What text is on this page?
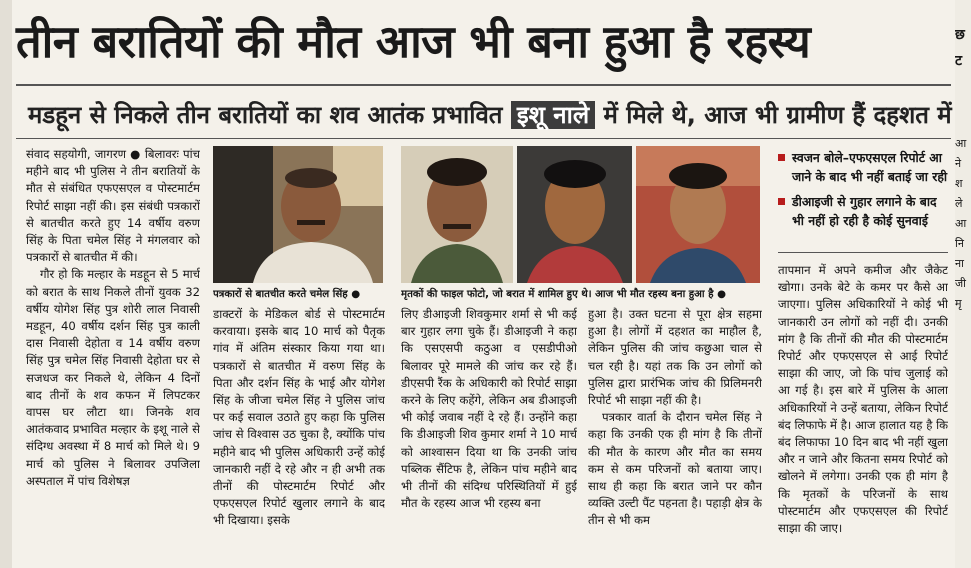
तीन बरातियों की मौत आज भी बना हुआ है रहस्य
मडहून से निकले तीन बरातियों का शव आतंक प्रभावित इशू नाले में मिले थे, आज भी ग्रामीण हैं दहशत में

संवाद सहयोगी, जागरण ● बिलावरः पांच महीने बाद भी पुलिस ने तीन बरातियों के मौत से संबंधित एफएसएल व पोस्टमार्टम रिपोर्ट साझा नहीं की। इस संबंधी पत्रकारों से बातचीत करते हुए 14 वर्षीय वरुण सिंह के पिता चमेल सिंह ने मंगलवार को पत्रकारों से बातचीत में की।

गौर हो कि मल्हार के मडहून से 5 मार्च को बरात के साथ निकले तीनों युवक 32 वर्षीय योगेश सिंह पुत्र शोरी लाल निवासी मडहून, 40 वर्षीय दर्शन सिंह पुत्र काली दास निवासी देहोता व 14 वर्षीय वरुण सिंह पुत्र चमेल सिंह निवासी देहोता घर से सजधज कर निकले थे, लेकिन 4 दिनों बाद तीनों के शव कफन में लिपटकर वापस घर लौटा था। जिनके शव आतंकवाद प्रभावित मल्हार के इशू नाले से संदिग्ध अवस्था में 8 मार्च को मिले थे। 9 मार्च को पुलिस ने बिलावर उपजिला अस्पताल में पांच विशेषज्ञ

पत्रकारों से बातचीत करते चमेल सिंह ●

डाक्टरों के मेडिकल बोर्ड से पोस्टमार्टम करवाया। इसके बाद 10 मार्च को पैतृक गांव में अंतिम संस्कार किया गया था। पत्रकारों से बातचीत में वरुण सिंह के पिता और दर्शन सिंह के भाई और योगेश सिंह के जीजा चमेल सिंह ने पुलिस जांच पर कई सवाल उठाते हुए कहा कि पुलिस जांच से विश्वास उठ चुका है, क्योंकि पांच महीने बाद भी पुलिस अधिकारी उन्हें कोई जानकारी नहीं दे रहे और न ही अभी तक तीनों की पोस्टमार्टम रिपोर्ट और एफएसएल रिपोर्ट खुलार लगाने के बाद भी दिखाया। इसके

मृतकों की फाइल फोटो, जो बरात में शामिल हुए थे। आज भी मौत रहस्य बना हुआ है ●

लिए डीआइजी शिवकुमार शर्मा से भी कई बार गुहार लगा चुके हैं। डीआइजी ने कहा कि एसएसपी कठुआ व एसडीपीओ बिलावर पूरे मामले की जांच कर रहे हैं। डीएसपी रैंक के अधिकारी को रिपोर्ट साझा करने के लिए कहेंगे, लेकिन अब डीआइजी भी कोई जवाब नहीं दे रहे हैं। उन्होंने कहा कि डीआइजी शिव कुमार शर्मा ने 10 मार्च को आश्वासन दिया था कि उनकी जांच पब्लिक सैंटिफ है, लेकिन पांच महीने बाद भी तीनों की संदिग्ध परिस्थितियों में हुई मौत के रहस्य आज भी रहस्य बना

हुआ है। उक्त घटना से पूरा क्षेत्र सहमा हुआ है। लोगों में दहशत का माहौल है, लेकिन पुलिस की जांच कछुआ चाल से चल रही है। यहां तक कि उन लोगों को पुलिस द्वारा प्रारंभिक जांच की प्रिलिमनरी रिपोर्ट भी साझा नहीं की है।

पत्रकार वार्ता के दौरान चमेल सिंह ने कहा कि उनकी एक ही मांग है कि तीनों की मौत के कारण और मौत का समय कम से कम परिजनों को बताया जाए। साथ ही कहा कि बरात जाने पर कौन व्यक्ति उल्टी पैंट पहनता है। पहाड़ी क्षेत्र के तीन से भी कम

स्वजन बोले–एफएसएल रिपोर्ट आ जाने के बाद भी नहीं बताई जा रही
डीआइजी से गुहार लगाने के बाद भी नहीं हो रही है कोई सुनवाई

तापमान में अपने कमीज और जैकेट खोगा। उनके बेटे के कमर पर कैसे आ जाएगा। पुलिस अधिकारियों ने कोई भी जानकारी उन लोगों को नहीं दी। उनकी मांग है कि तीनों की मौत की पोस्टमार्टम रिपोर्ट और एफएसएल से आई रिपोर्ट साझा की जाए, जो कि पांच जुलाई को आ गई है। इस बारे में पुलिस के आला अधिकारियों ने उन्हें बताया, लेकिन रिपोर्ट बंद लिफाफे में है। आज हालात यह है कि बंद लिफाफा 10 दिन बाद भी नहीं खुला और न जाने और कितना समय रिपोर्ट को खोलने में लगेगा। उनकी एक ही मांग है कि मृतकों के परिजनों के साथ पोस्टमार्टम और एफएसएल की रिपोर्ट साझा की जाए।

छ ट
आ ने श ले आ नि ना जी मृ
